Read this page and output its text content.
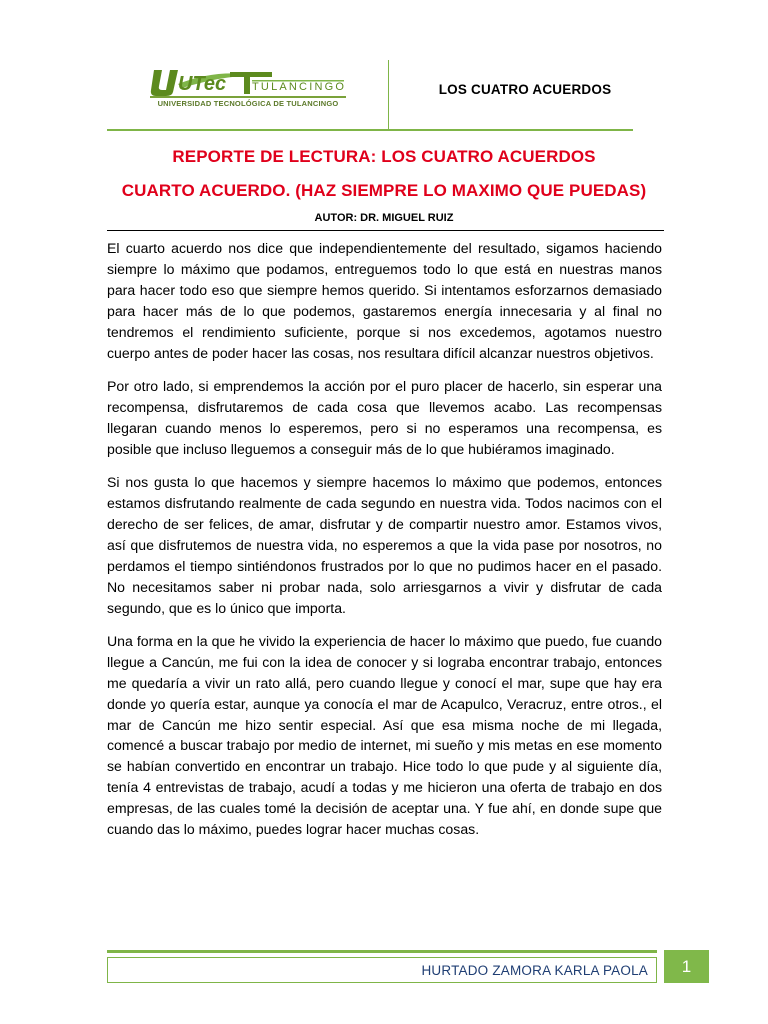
UTec TULANCINGO
UNIVERSIDAD TECNOLÓGICA DE TULANCINGO
LOS CUATRO ACUERDOS
REPORTE DE LECTURA: LOS CUATRO ACUERDOS
CUARTO ACUERDO. (HAZ SIEMPRE LO MAXIMO QUE PUEDAS)
AUTOR: DR. MIGUEL RUIZ

El cuarto acuerdo nos dice que independientemente del resultado, sigamos haciendo siempre lo máximo que podamos, entreguemos todo lo que está en nuestras manos para hacer todo eso que siempre hemos querido. Si intentamos esforzarnos demasiado para hacer más de lo que podemos, gastaremos energía innecesaria y al final no tendremos el rendimiento suficiente, porque si nos excedemos, agotamos nuestro cuerpo antes de poder hacer las cosas, nos resultara difícil alcanzar nuestros objetivos.

Por otro lado, si emprendemos la acción por el puro placer de hacerlo, sin esperar una recompensa, disfrutaremos de cada cosa que llevemos acabo. Las recompensas llegaran cuando menos lo esperemos, pero si no esperamos una recompensa, es posible que incluso lleguemos a conseguir más de lo que hubiéramos imaginado.

Si nos gusta lo que hacemos y siempre hacemos lo máximo que podemos, entonces estamos disfrutando realmente de cada segundo en nuestra vida. Todos nacimos con el derecho de ser felices, de amar, disfrutar y de compartir nuestro amor. Estamos vivos, así que disfrutemos de nuestra vida, no esperemos a que la vida pase por nosotros, no perdamos el tiempo sintiéndonos frustrados por lo que no pudimos hacer en el pasado. No necesitamos saber ni probar nada, solo arriesgarnos a vivir y disfrutar de cada segundo, que es lo único que importa.

Una forma en la que he vivido la experiencia de hacer lo máximo que puedo, fue cuando llegue a Cancún, me fui con la idea de conocer y si lograba encontrar trabajo, entonces me quedaría a vivir un rato allá, pero cuando llegue y conocí el mar, supe que hay era donde yo quería estar, aunque ya conocía el mar de Acapulco, Veracruz, entre otros., el mar de Cancún me hizo sentir especial. Así que esa misma noche de mi llegada, comencé a buscar trabajo por medio de internet, mi sueño y mis metas en ese momento se habían convertido en encontrar un trabajo. Hice todo lo que pude y al siguiente día, tenía 4 entrevistas de trabajo, acudí a todas y me hicieron una oferta de trabajo en dos empresas, de las cuales tomé la decisión de aceptar una. Y fue ahí, en donde supe que cuando das lo máximo, puedes lograr hacer muchas cosas.

HURTADO ZAMORA KARLA PAOLA	1
